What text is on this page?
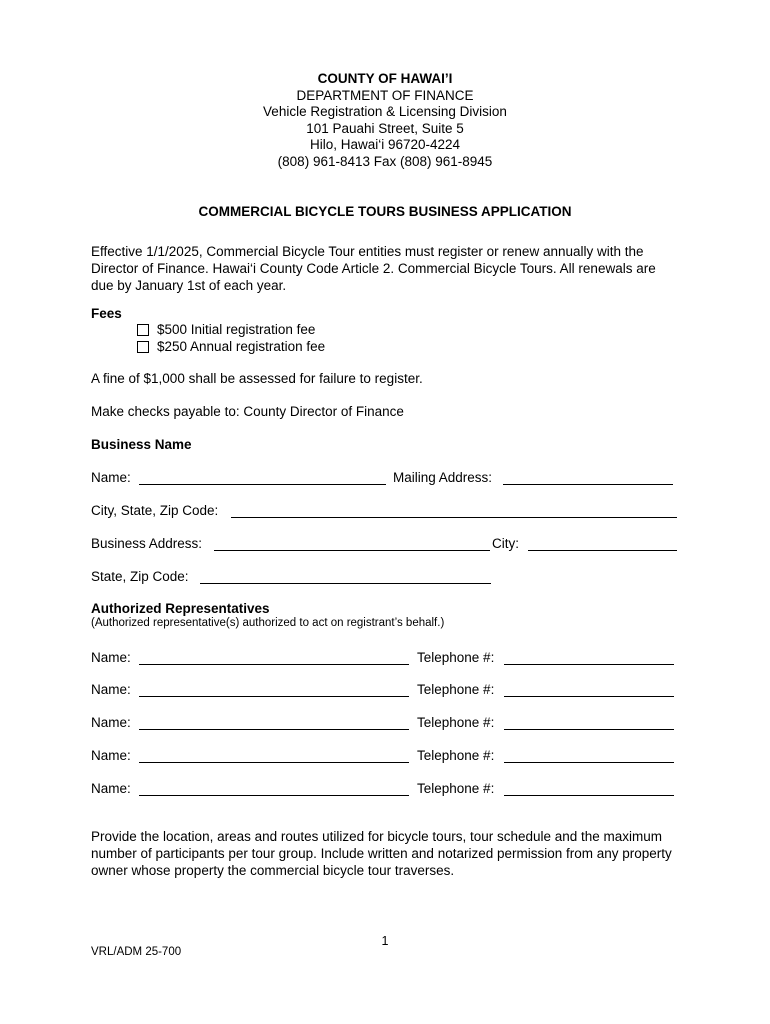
COUNTY OF HAWAI’I
DEPARTMENT OF FINANCE
Vehicle Registration & Licensing Division
101 Pauahi Street, Suite 5
Hilo, Hawai‘i 96720-4224
(808) 961-8413 Fax (808) 961-8945
COMMERCIAL BICYCLE TOURS BUSINESS APPLICATION
Effective 1/1/2025, Commercial Bicycle Tour entities must register or renew annually with the Director of Finance. Hawai‘i County Code Article 2. Commercial Bicycle Tours. All renewals are due by January 1st of each year.
Fees
$500 Initial registration fee
$250 Annual registration fee
A fine of $1,000 shall be assessed for failure to register.
Make checks payable to: County Director of Finance
Business Name
Name:	Mailing Address:
City, State, Zip Code:
Business Address:	City:
State, Zip Code:
Authorized Representatives
(Authorized representative(s) authorized to act on registrant’s behalf.)
Name:	Telephone #:
Name:	Telephone #:
Name:	Telephone #:
Name:	Telephone #:
Name:	Telephone #:
Provide the location, areas and routes utilized for bicycle tours, tour schedule and the maximum number of participants per tour group. Include written and notarized permission from any property owner whose property the commercial bicycle tour traverses.
1
VRL/ADM 25-700
